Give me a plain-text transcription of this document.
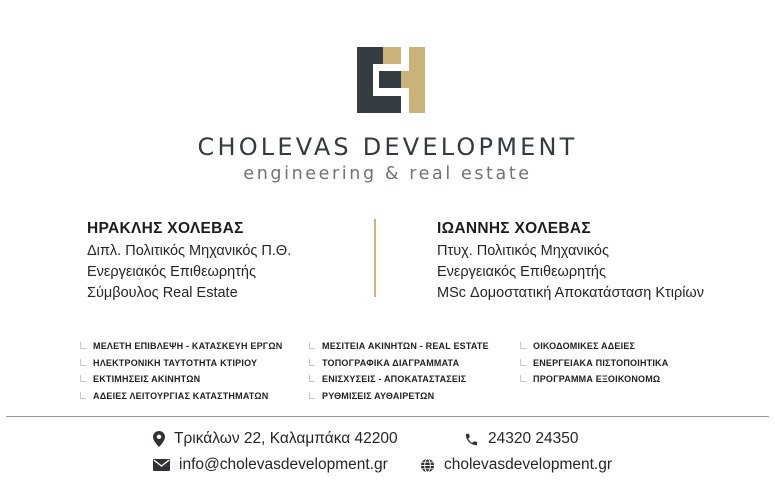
CHOLEVAS DEVELOPMENT
engineering & real estate
ΗΡΑΚΛΗΣ ΧΟΛΕΒΑΣ
Διπλ. Πολιτικός Μηχανικός Π.Θ.
Ενεργειακός Επιθεωρητής
Σύμβουλος Real Estate
ΙΩΑΝΝΗΣ ΧΟΛΕΒΑΣ
Πτυχ. Πολιτικός Μηχανικός
Ενεργειακός Επιθεωρητής
MSc Δομοστατική Αποκατάσταση Κτιρίων
ΜΕΛΕΤΗ ΕΠΙΒΛΕΨΗ - ΚΑΤΑΣΚΕΥΗ ΕΡΓΩΝ
ΗΛΕΚΤΡΟΝΙΚΗ ΤΑΥΤΟΤΗΤΑ ΚΤΙΡΙΟΥ
ΕΚΤΙΜΗΣΕΙΣ ΑΚΙΝΗΤΩΝ
ΑΔΕΙΕΣ ΛΕΙΤΟΥΡΓΙΑΣ ΚΑΤΑΣΤΗΜΑΤΩΝ
ΜΕΣΙΤΕΙΑ ΑΚΙΝΗΤΩΝ - REAL ESTATE
ΤΟΠΟΓΡΑΦΙΚΑ ΔΙΑΓΡΑΜΜΑΤΑ
ΕΝΙΣΧΥΣΕΙΣ - ΑΠΟΚΑΤΑΣΤΑΣΕΙΣ
ΡΥΘΜΙΣΕΙΣ ΑΥΘΑΙΡΕΤΩΝ
ΟΙΚΟΔΟΜΙΚΕΣ ΑΔΕΙΕΣ
ΕΝΕΡΓΕΙΑΚΑ ΠΙΣΤΟΠΟΙΗΤΙΚΑ
ΠΡΟΓΡΑΜΜΑ ΕΞΟΙΚΟΝΟΜΩ
Τρικάλων 22, Καλαμπάκα 42200	24320 24350
info@cholevasdevelopment.gr	cholevasdevelopment.gr
